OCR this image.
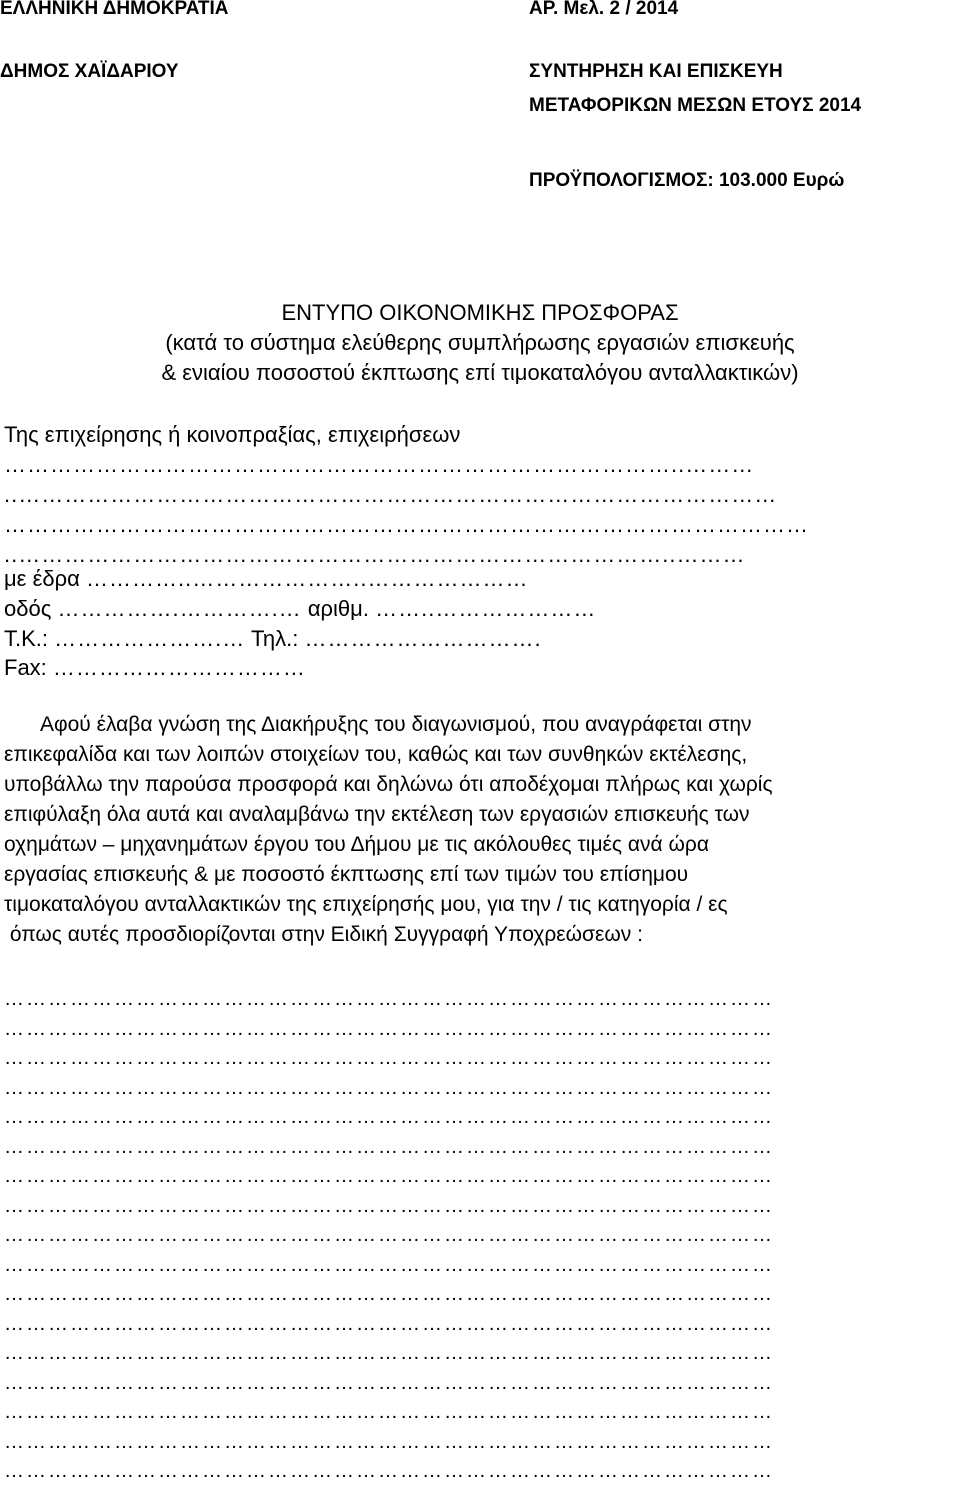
ΕΛΛΗΝΙΚΗ ΔΗΜΟΚΡΑΤΙΑ
ΔΗΜΟΣ ΧΑΪΔΑΡΙΟΥ
ΑΡ. Μελ. 2 / 2014
ΣΥΝΤΗΡΗΣΗ ΚΑΙ ΕΠΙΣΚΕΥΗ
ΜΕΤΑΦΟΡΙΚΩΝ ΜΕΣΩΝ ΕΤΟΥΣ 2014
ΠΡΟΫΠΟΛΟΓΙΣΜΟΣ: 103.000 Ευρώ
ΕΝΤΥΠΟ ΟΙΚΟΝΟΜΙΚΗΣ ΠΡΟΣΦΟΡΑΣ
(κατά το σύστημα ελεύθερης συμπλήρωσης εργασιών επισκευής
& ενιαίου ποσοστού έκπτωσης επί τιμοκαταλόγου ανταλλακτικών)
Της επιχείρησης ή κοινοπραξίας, επιχειρήσεων
……………………………………………………………………………..………
..………………………………………………………………………………………
……………………………………………………………………………………………
..…………………………………………………………………………..………
με έδρα …………..…………………..…………………
οδός …………….………….… αριθμ. ……..…………………
Τ.Κ.: ………………….… Τηλ.: ………………………….
Fax: ……………………………

Αφού έλαβα γνώση της Διακήρυξης του διαγωνισμού, που αναγράφεται στην

επικεφαλίδα και των λοιπών στοιχείων του, καθώς και των συνθηκών εκτέλεσης,

υποβάλλω την παρούσα προσφορά και δηλώνω ότι αποδέχομαι πλήρως και χωρίς

επιφύλαξη όλα αυτά και αναλαμβάνω την εκτέλεση των εργασιών επισκευής των

οχημάτων – μηχανημάτων έργου του Δήμου με τις ακόλουθες τιμές ανά ώρα

εργασίας επισκευής & με ποσοστό έκπτωσης επί των τιμών του επίσημου

τιμοκαταλόγου ανταλλακτικών της επιχείρησής μου, για την / τις κατηγορία / ες

όπως αυτές προσδιορίζονται στην Ειδική Συγγραφή Υποχρεώσεων :

……………………………………………………………………………………………
……………………………………………………………………………………………
……………………………………………………………………………………………
……………………………………………………………………………………………
……………………………………………………………………………………………
……………………………………………………………………………………………
……………………………………………………………………………………………
……………………………………………………………………………………………
……………………………………………………………………………………………
……………………………………………………………………………………………
……………………………………………………………………………………………
……………………………………………………………………………………………
……………………………………………………………………………………………
……………………………………………………………………………………………
……………………………………………………………………………………………
……………………………………………………………………………………………
……………………………………………………………………………………………
